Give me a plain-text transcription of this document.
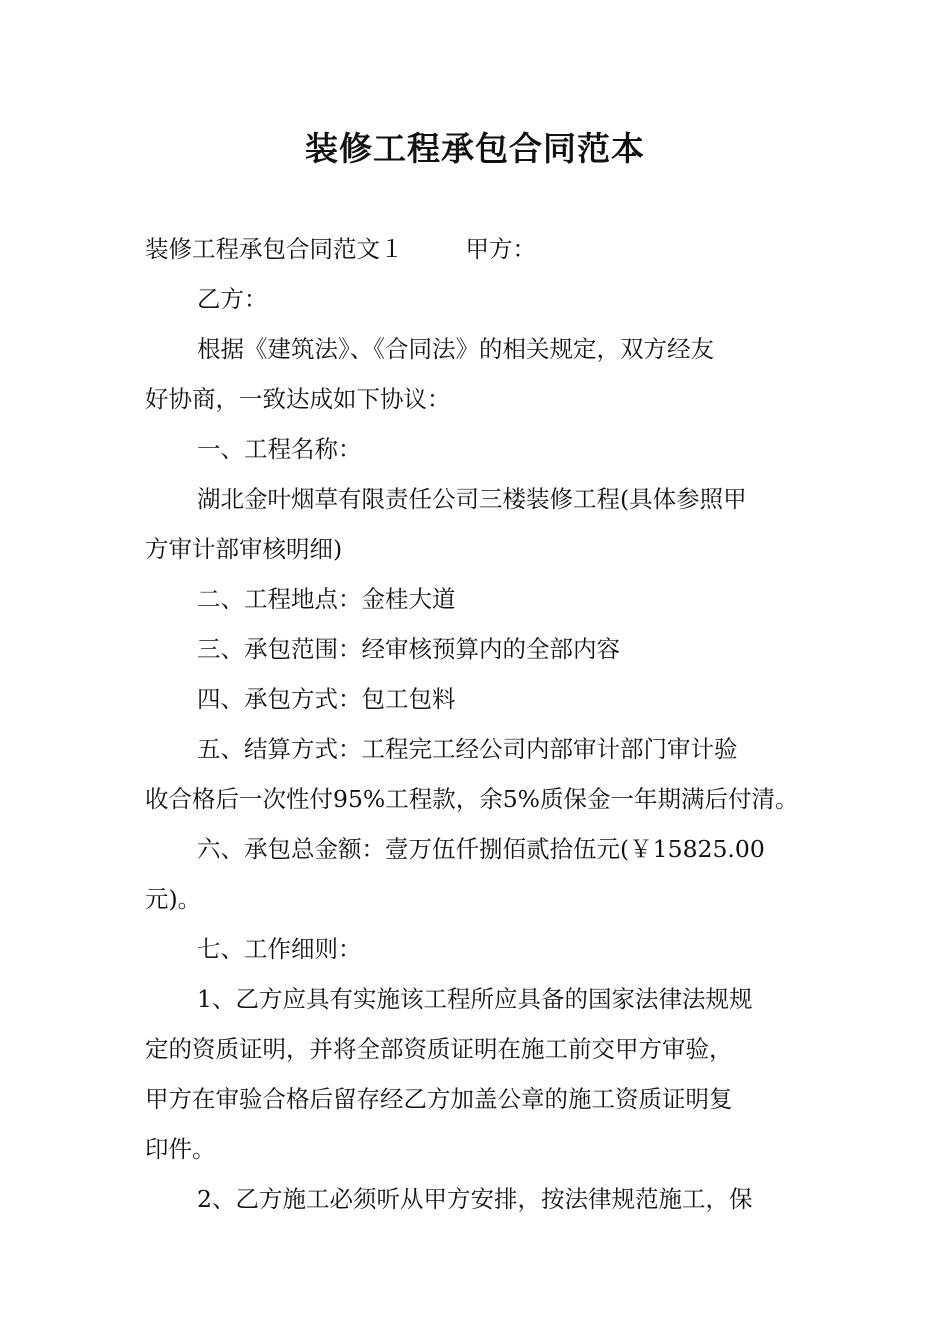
装修工程承包合同范本

装修工程承包合同范文１	甲方：

乙方：

根据《建筑法》、《合同法》的相关规定，双方经友

好协商，一致达成如下协议：

一、工程名称：

湖北金叶烟草有限责任公司三楼装修工程(具体参照甲

方审计部审核明细)

二、工程地点：金桂大道

三、承包范围：经审核预算内的全部内容

四、承包方式：包工包料

五、结算方式：工程完工经公司内部审计部门审计验

收合格后一次性付95%工程款，余5%质保金一年期满后付清。

六、承包总金额：壹万伍仟捌佰贰拾伍元(￥15825.00

元)。

七、工作细则：

1、乙方应具有实施该工程所应具备的国家法律法规规

定的资质证明，并将全部资质证明在施工前交甲方审验，

甲方在审验合格后留存经乙方加盖公章的施工资质证明复

印件。

2、乙方施工必须听从甲方安排，按法律规范施工，保
